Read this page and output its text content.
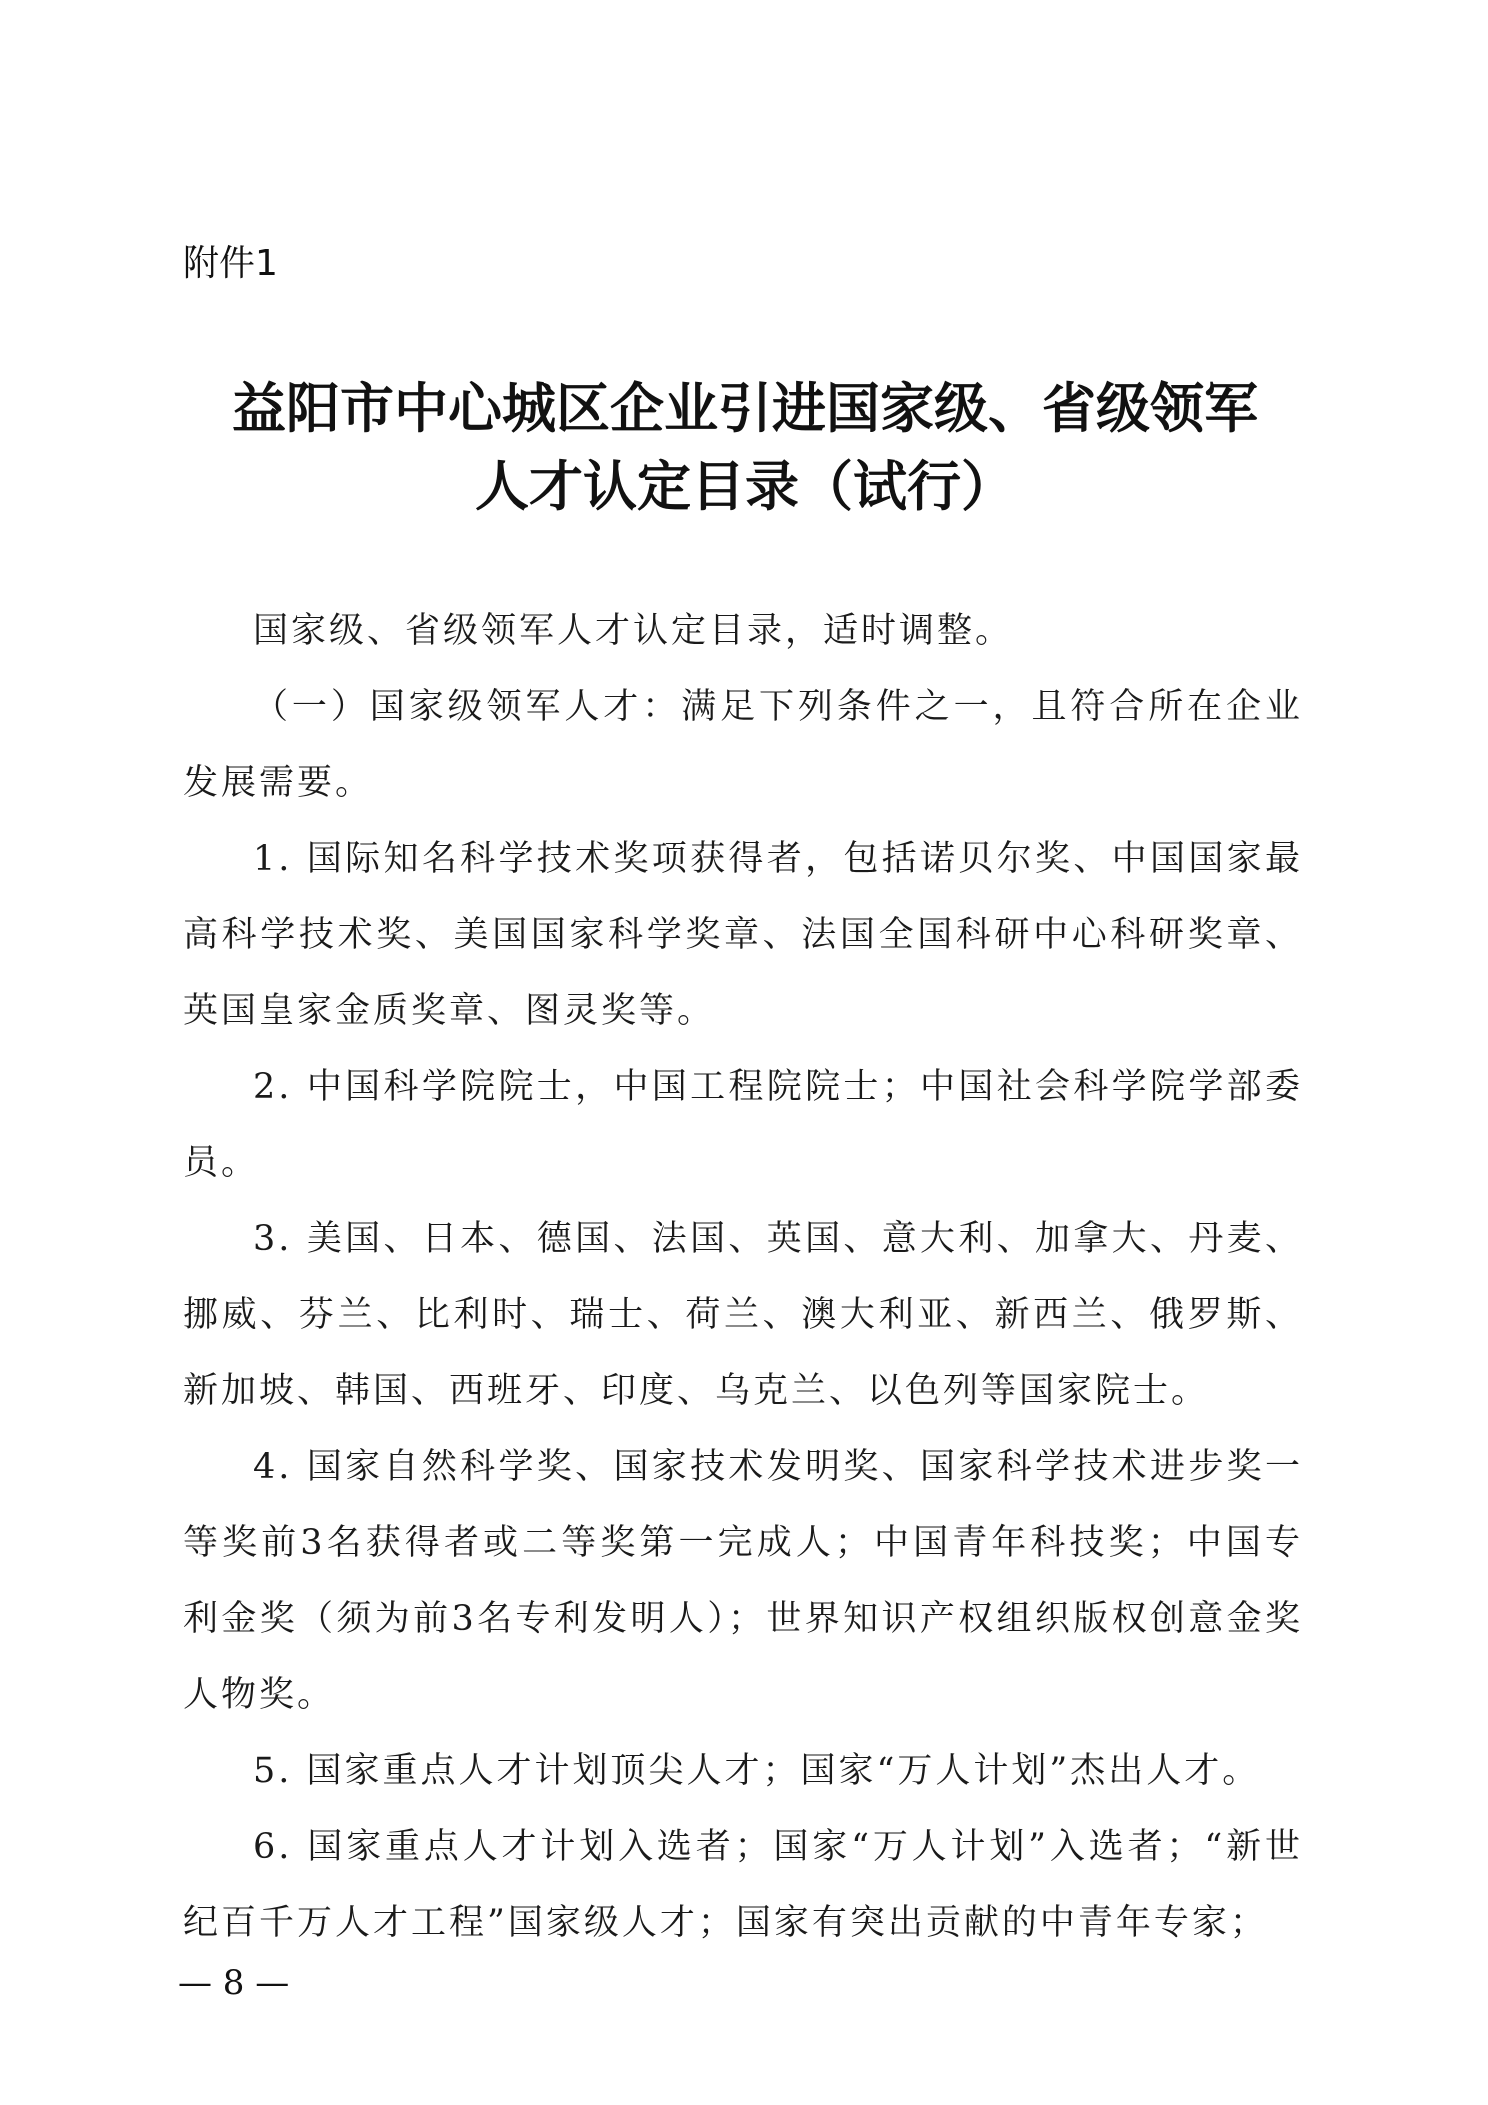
附件1
益阳市中心城区企业引进国家级、省级领军
人才认定目录（试行）

国家级、省级领军人才认定目录，适时调整。

（一）国家级领军人才：满足下列条件之一，且符合所在企业发展需要。

1. 国际知名科学技术奖项获得者，包括诺贝尔奖、中国国家最高科学技术奖、美国国家科学奖章、法国全国科研中心科研奖章、英国皇家金质奖章、图灵奖等。

2. 中国科学院院士，中国工程院院士；中国社会科学院学部委员。

3. 美国、日本、德国、法国、英国、意大利、加拿大、丹麦、挪威、芬兰、比利时、瑞士、荷兰、澳大利亚、新西兰、俄罗斯、新加坡、韩国、西班牙、印度、乌克兰、以色列等国家院士。

4. 国家自然科学奖、国家技术发明奖、国家科学技术进步奖一等奖前3名获得者或二等奖第一完成人；中国青年科技奖；中国专利金奖（须为前3名专利发明人）；世界知识产权组织版权创意金奖人物奖。

5. 国家重点人才计划顶尖人才；国家“万人计划”杰出人才。

6. 国家重点人才计划入选者；国家“万人计划”入选者；“新世纪百千万人才工程”国家级人才；国家有突出贡献的中青年专家；

— 8 —
